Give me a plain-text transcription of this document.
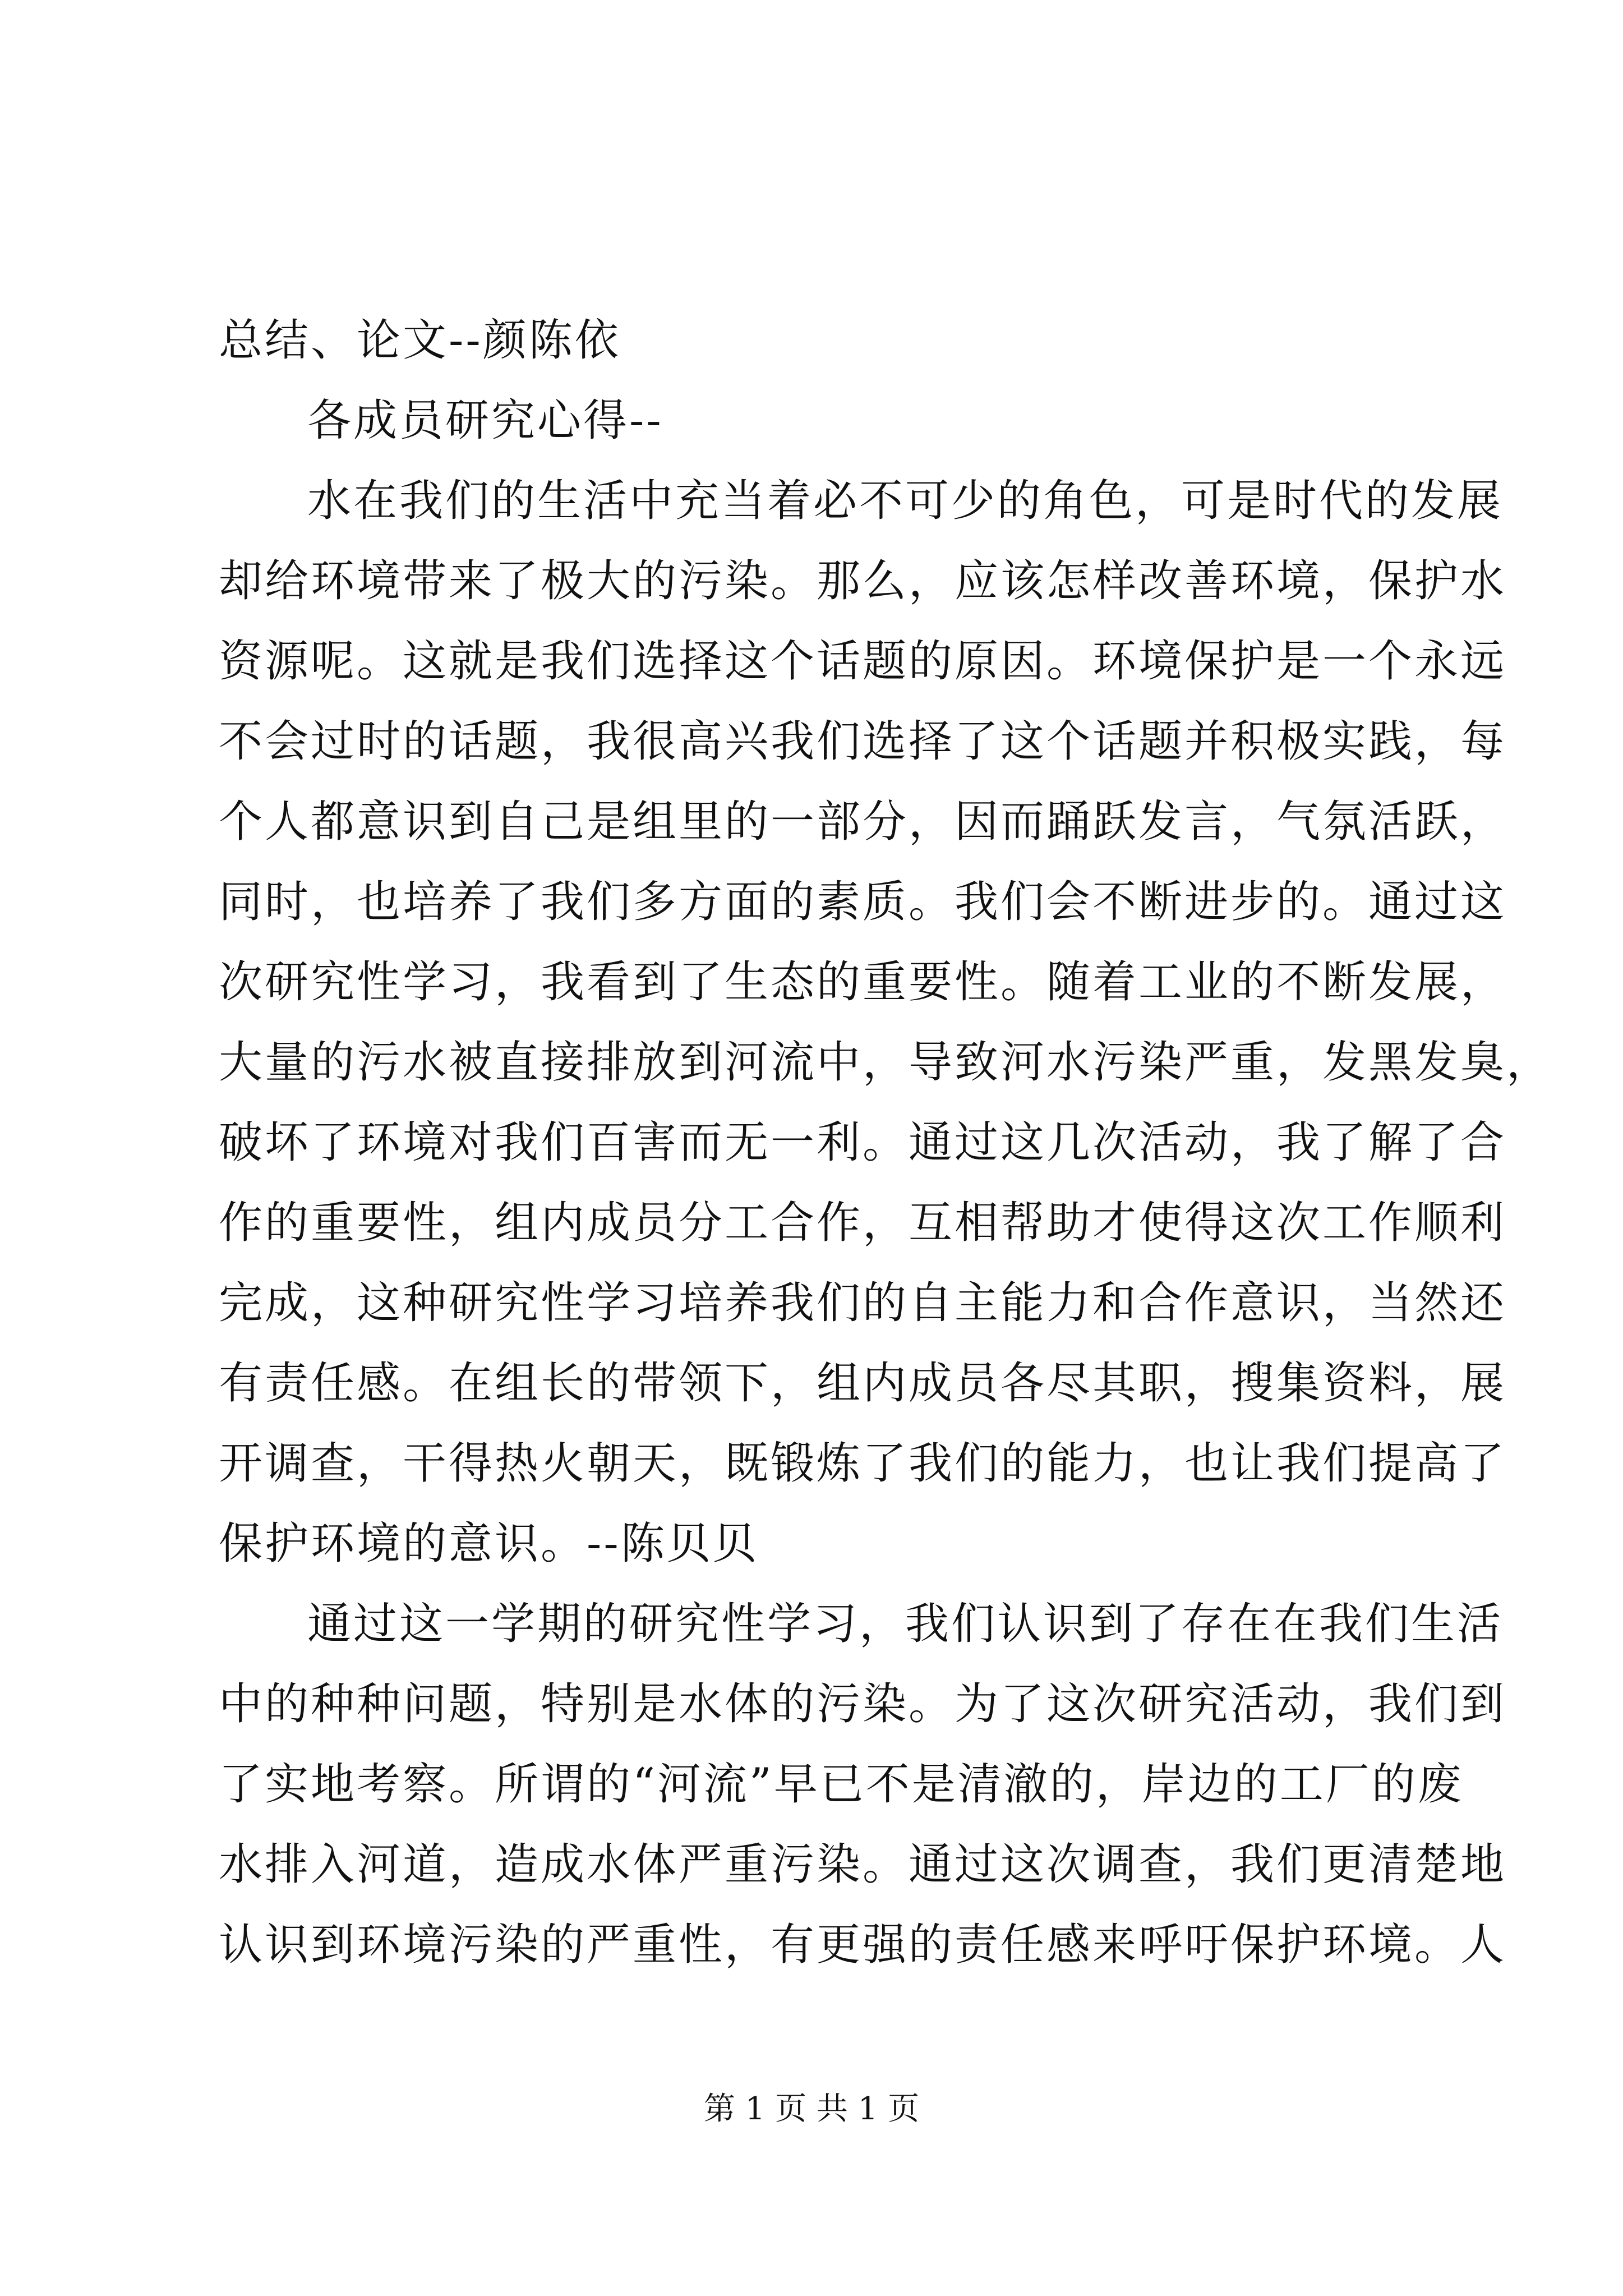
总结、论文--颜陈依
各成员研究心得--
水在我们的生活中充当着必不可少的角色，可是时代的发展
却给环境带来了极大的污染。那么，应该怎样改善环境，保护水
资源呢。这就是我们选择这个话题的原因。环境保护是一个永远
不会过时的话题，我很高兴我们选择了这个话题并积极实践，每
个人都意识到自己是组里的一部分，因而踊跃发言，气氛活跃，
同时，也培养了我们多方面的素质。我们会不断进步的。通过这
次研究性学习，我看到了生态的重要性。随着工业的不断发展，
大量的污水被直接排放到河流中，导致河水污染严重，发黑发臭，
破坏了环境对我们百害而无一利。通过这几次活动，我了解了合
作的重要性，组内成员分工合作，互相帮助才使得这次工作顺利
完成，这种研究性学习培养我们的自主能力和合作意识，当然还
有责任感。在组长的带领下，组内成员各尽其职，搜集资料，展
开调查，干得热火朝天，既锻炼了我们的能力，也让我们提高了
保护环境的意识。--陈贝贝
通过这一学期的研究性学习，我们认识到了存在在我们生活
中的种种问题，特别是水体的污染。为了这次研究活动，我们到
了实地考察。所谓的“河流”早已不是清澈的，岸边的工厂的废
水排入河道，造成水体严重污染。通过这次调查，我们更清楚地
认识到环境污染的严重性，有更强的责任感来呼吁保护环境。人
第 1 页 共 1 页
